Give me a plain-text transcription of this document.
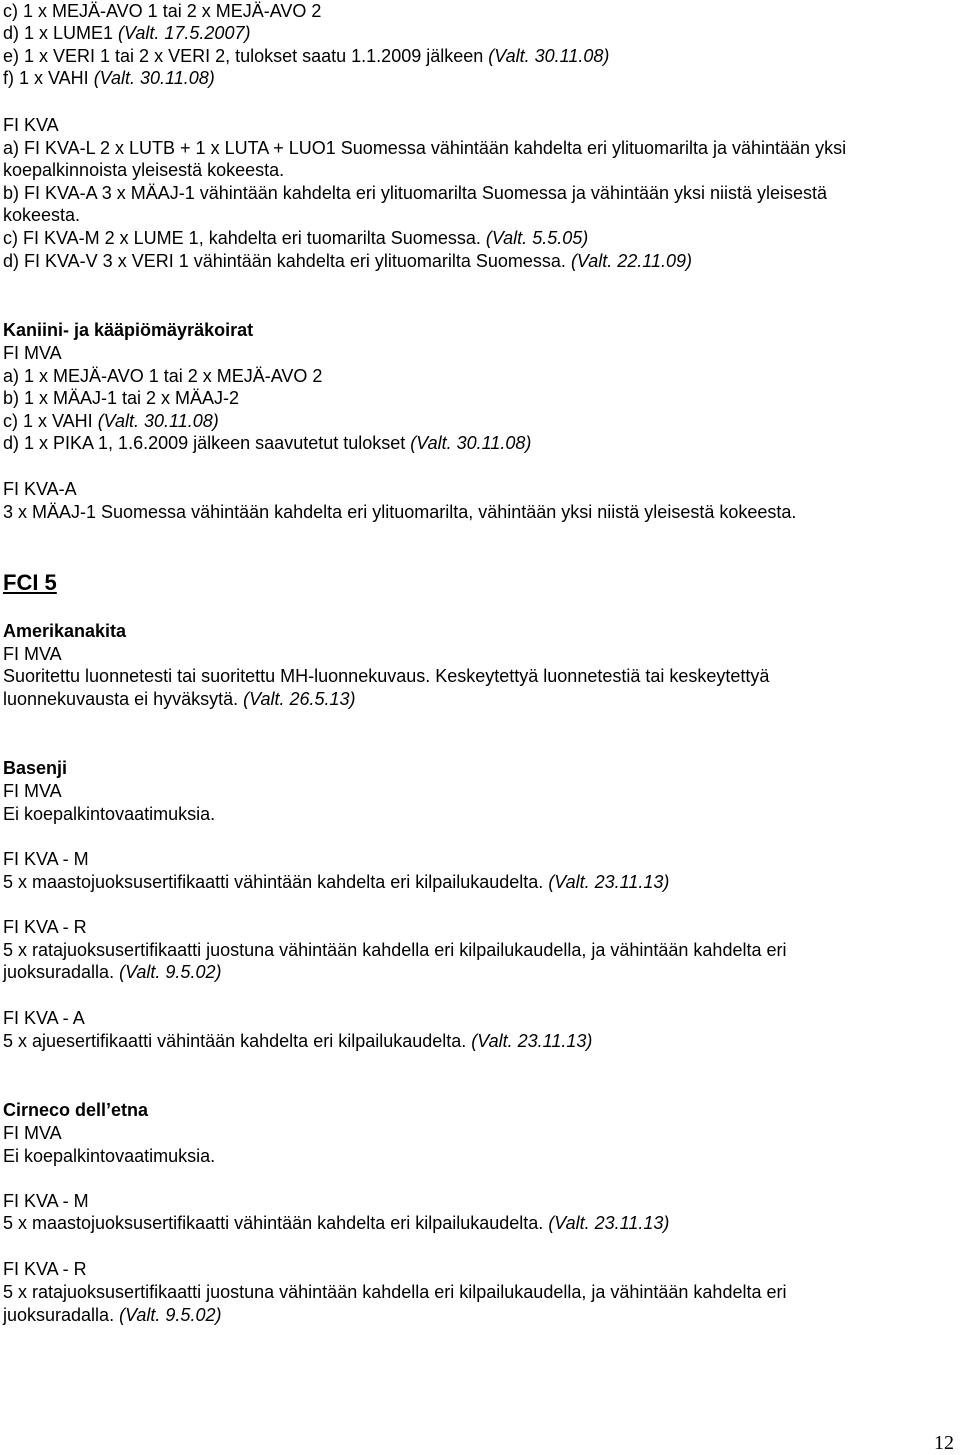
c) 1 x MEJÄ-AVO 1 tai 2 x MEJÄ-AVO 2
d) 1 x LUME1 (Valt. 17.5.2007)
e) 1 x VERI 1 tai 2 x VERI 2, tulokset saatu 1.1.2009 jälkeen (Valt. 30.11.08)
f) 1 x VAHI (Valt. 30.11.08)
FI KVA
a) FI KVA-L 2 x LUTB + 1 x LUTA + LUO1 Suomessa vähintään kahdelta eri ylituomarilta ja vähintään yksi
koepalkinnoista yleisestä kokeesta.
b) FI KVA-A 3 x MÄAJ-1 vähintään kahdelta eri ylituomarilta Suomessa ja vähintään yksi niistä yleisestä
kokeesta.
c) FI KVA-M 2 x LUME 1, kahdelta eri tuomarilta Suomessa. (Valt. 5.5.05)
d) FI KVA-V 3 x VERI 1 vähintään kahdelta eri ylituomarilta Suomessa. (Valt. 22.11.09)
Kaniini- ja kääpiömäyräkoirat
FI MVA
a) 1 x MEJÄ-AVO 1 tai 2 x MEJÄ-AVO 2
b) 1 x MÄAJ-1 tai 2 x MÄAJ-2
c) 1 x VAHI (Valt. 30.11.08)
d) 1 x PIKA 1, 1.6.2009 jälkeen saavutetut tulokset (Valt. 30.11.08)
FI KVA-A
3 x MÄAJ-1 Suomessa vähintään kahdelta eri ylituomarilta, vähintään yksi niistä yleisestä kokeesta.
FCI 5
Amerikanakita
FI MVA
Suoritettu luonnetesti tai suoritettu MH-luonnekuvaus. Keskeytettyä luonnetestiä tai keskeytettyä
luonnekuvausta ei hyväksytä. (Valt. 26.5.13)
Basenji
FI MVA
Ei koepalkintovaatimuksia.
FI KVA - M
5 x maastojuoksusertifikaatti vähintään kahdelta eri kilpailukaudelta. (Valt. 23.11.13)
FI KVA - R
5 x ratajuoksusertifikaatti juostuna vähintään kahdella eri kilpailukaudella, ja vähintään kahdelta eri
juoksuradalla. (Valt. 9.5.02)
FI KVA - A
5 x ajuesertifikaatti vähintään kahdelta eri kilpailukaudelta. (Valt. 23.11.13)
Cirneco dell’etna
FI MVA
Ei koepalkintovaatimuksia.
FI KVA - M
5 x maastojuoksusertifikaatti vähintään kahdelta eri kilpailukaudelta. (Valt. 23.11.13)
FI KVA - R
5 x ratajuoksusertifikaatti juostuna vähintään kahdella eri kilpailukaudella, ja vähintään kahdelta eri
juoksuradalla. (Valt. 9.5.02)
12
